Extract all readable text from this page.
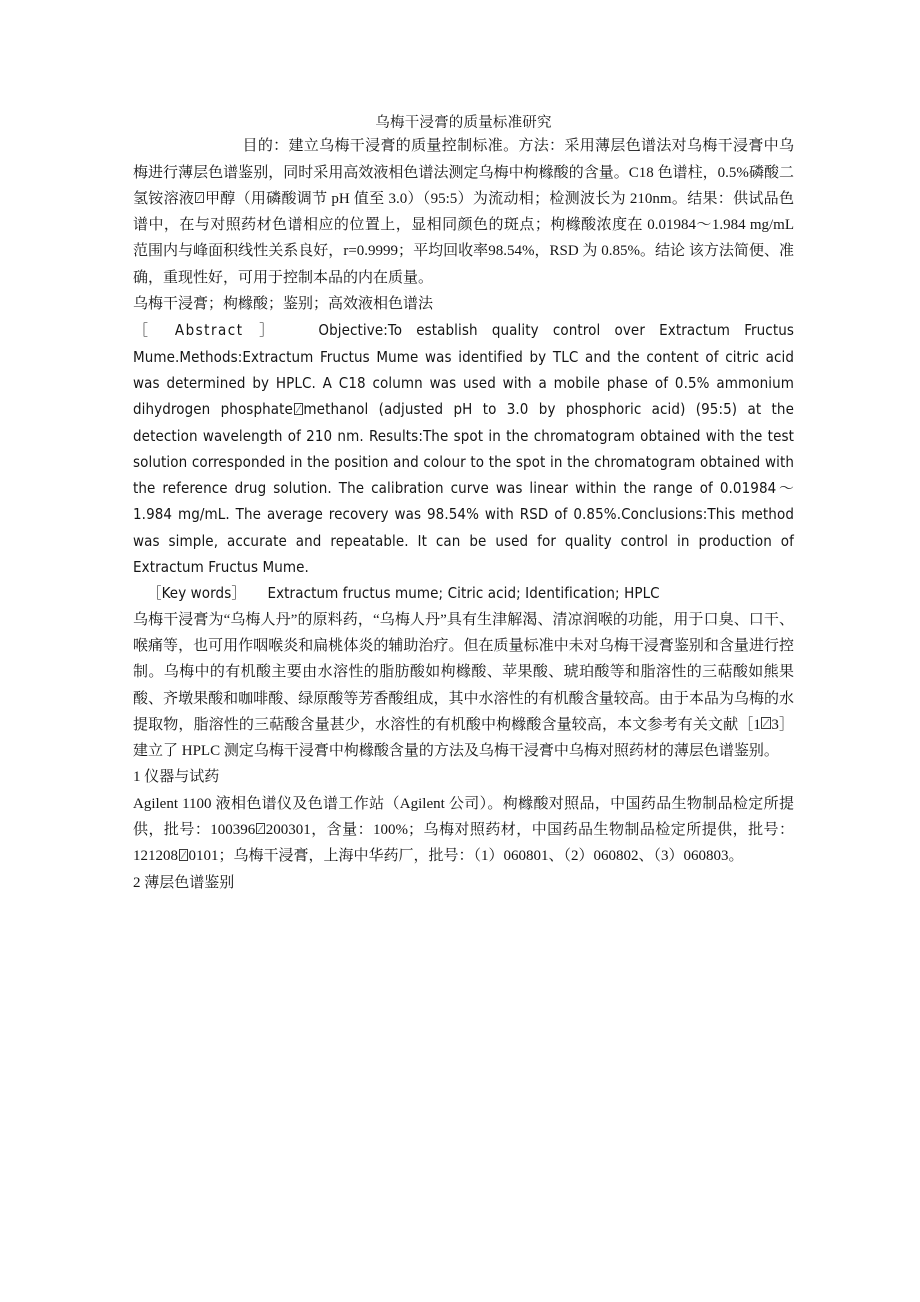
乌梅干浸膏的质量标准研究

目的：建立乌梅干浸膏的质量控制标准。方法：采用薄层色谱法对乌梅干浸膏中乌梅进行薄层色谱鉴别，同时采用高效液相色谱法测定乌梅中枸橼酸的含量。C18 色谱柱，0.5%磷酸二氢铵溶液 甲醇（用磷酸调节 pH 值至 3.0）（95:5）为流动相；检测波长为 210nm。结果：供试品色谱中，在与对照药材色谱相应的位置上，显相同颜色的斑点；枸橼酸浓度在 0.01984～1.984 mg/mL 范围内与峰面积线性关系良好，r=0.9999；平均回收率98.54%，RSD 为 0.85%。结论 该方法简便、准确，重现性好，可用于控制本品的内在质量。

乌梅干浸膏；枸橼酸；鉴别；高效液相色谱法

［ Abstract ］ Objective:To establish quality control over Extractum Fructus Mume.Methods:Extractum Fructus Mume was identified by TLC and the content of citric acid was determined by HPLC. A C18 column was used with a mobile phase of 0.5% ammonium dihydrogen phosphate methanol (adjusted pH to 3.0 by phosphoric acid) (95:5) at the detection wavelength of 210 nm. Results:The spot in the chromatogram obtained with the test solution corresponded in the position and colour to the spot in the chromatogram obtained with the reference drug solution. The calibration curve was linear within the range of 0.01984～1.984 mg/mL. The average recovery was 98.54% with RSD of 0.85%.Conclusions:This method was simple, accurate and repeatable. It can be used for quality control in production of Extractum Fructus Mume.

［Key words］ Extractum fructus mume; Citric acid; Identification; HPLC

乌梅干浸膏为“乌梅人丹”的原料药，“乌梅人丹”具有生津解渴、清凉润喉的功能，用于口臭、口干、喉痛等，也可用作咽喉炎和扁桃体炎的辅助治疗。但在质量标准中未对乌梅干浸膏鉴别和含量进行控制。乌梅中的有机酸主要由水溶性的脂肪酸如枸橼酸、苹果酸、琥珀酸等和脂溶性的三萜酸如熊果酸、齐墩果酸和咖啡酸、绿原酸等芳香酸组成，其中水溶性的有机酸含量较高。由于本品为乌梅的水提取物，脂溶性的三萜酸含量甚少，水溶性的有机酸中枸橼酸含量较高，本文参考有关文献［1 3］建立了 HPLC 测定乌梅干浸膏中枸橼酸含量的方法及乌梅干浸膏中乌梅对照药材的薄层色谱鉴别。

1 仪器与试药

Agilent 1100 液相色谱仪及色谱工作站（Agilent 公司）。枸橼酸对照品，中国药品生物制品检定所提供，批号：100396 200301，含量：100%；乌梅对照药材，中国药品生物制品检定所提供，批号：121208 0101；乌梅干浸膏，上海中华药厂，批号：（1）060801、（2）060802、（3）060803。

2 薄层色谱鉴别
